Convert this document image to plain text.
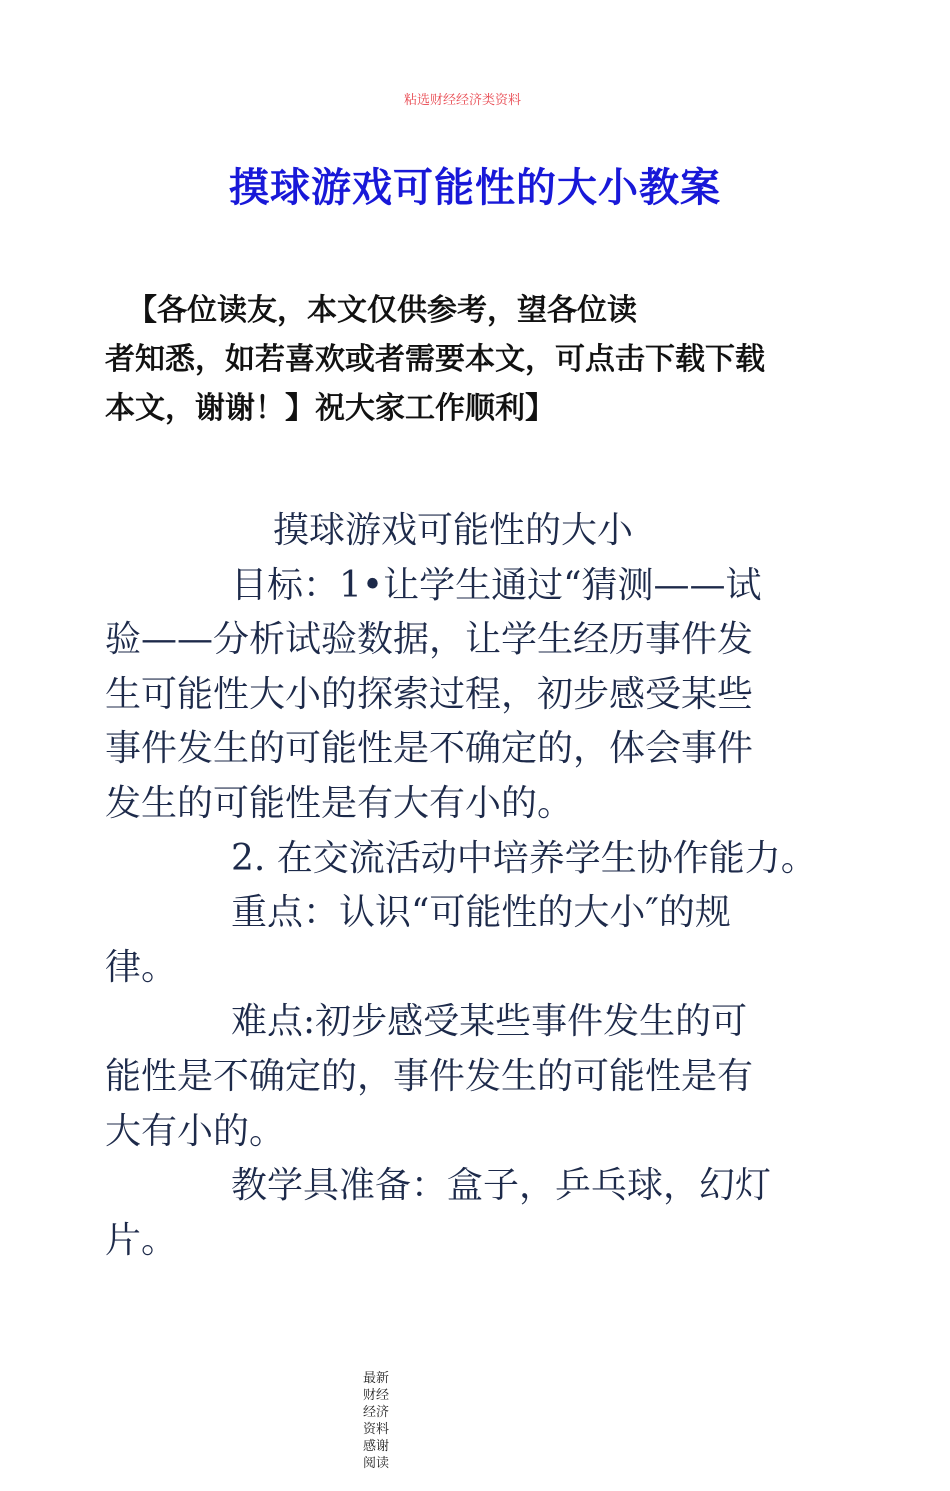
粘选财经经济类资料
摸球游戏可能性的大小教案
【各位读友，本文仅供参考，望各位读
者知悉，如若喜欢或者需要本文，可点击下载下载
本文，谢谢！】祝大家工作顺利】

摸球游戏可能性的大小

目标：1•让学生通过“猜测——试

验——分析试验数据，让学生经历事件发

生可能性大小的探索过程，初步感受某些

事件发生的可能性是不确定的，体会事件

发生的可能性是有大有小的。

2. 在交流活动中培养学生协作能力。

重点：认识“可能性的大小″的规

律。

难点:初步感受某些事件发生的可

能性是不确定的，事件发生的可能性是有

大有小的。

教学具准备：盒子，乒乓球，幻灯

片。

最新财经经济资料感谢阅读
